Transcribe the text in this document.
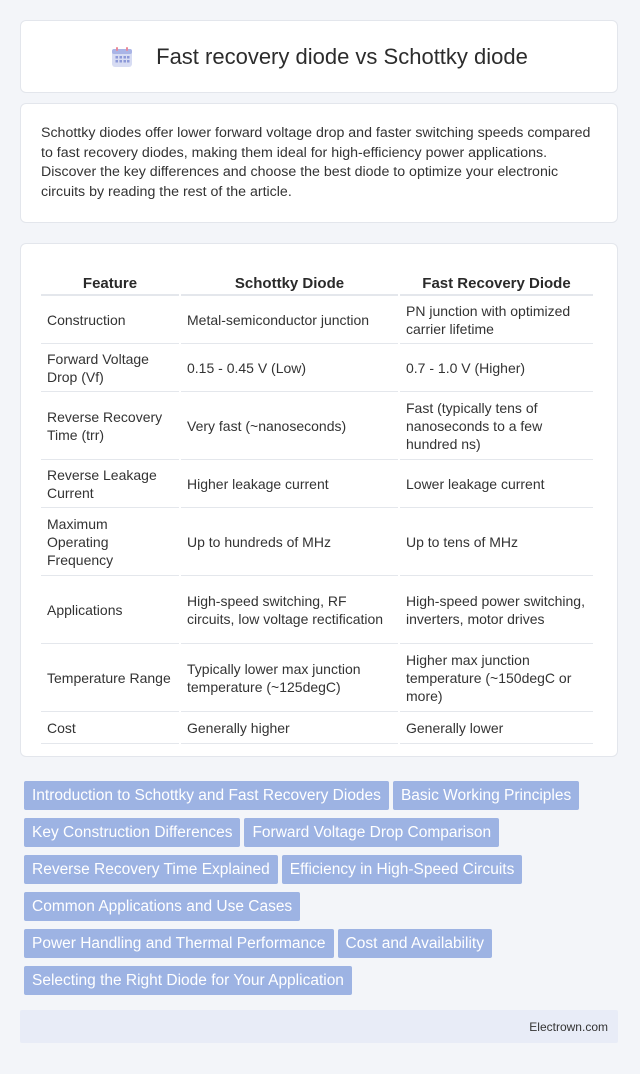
Fast recovery diode vs Schottky diode

Schottky diodes offer lower forward voltage drop and faster switching speeds compared to fast recovery diodes, making them ideal for high-efficiency power applications. Discover the key differences and choose the best diode to optimize your electronic circuits by reading the rest of the article.

Feature	Schottky Diode	Fast Recovery Diode
Construction	Metal-semiconductor junction	PN junction with optimized carrier lifetime
Forward Voltage Drop (Vf)	0.15 - 0.45 V (Low)	0.7 - 1.0 V (Higher)
Reverse Recovery Time (trr)	Very fast (~nanoseconds)	Fast (typically tens of nanoseconds to a few hundred ns)
Reverse Leakage Current	Higher leakage current	Lower leakage current
Maximum Operating Frequency	Up to hundreds of MHz	Up to tens of MHz
Applications	High-speed switching, RF circuits, low voltage rectification	High-speed power switching, inverters, motor drives
Temperature Range	Typically lower max junction temperature (~125degC)	Higher max junction temperature (~150degC or more)
Cost	Generally higher	Generally lower
Introduction to Schottky and Fast Recovery Diodes Basic Working Principles
Key Construction Differences Forward Voltage Drop Comparison
Reverse Recovery Time Explained Efficiency in High-Speed Circuits
Common Applications and Use Cases
Power Handling and Thermal Performance Cost and Availability
Selecting the Right Diode for Your Application
Electrown.com
